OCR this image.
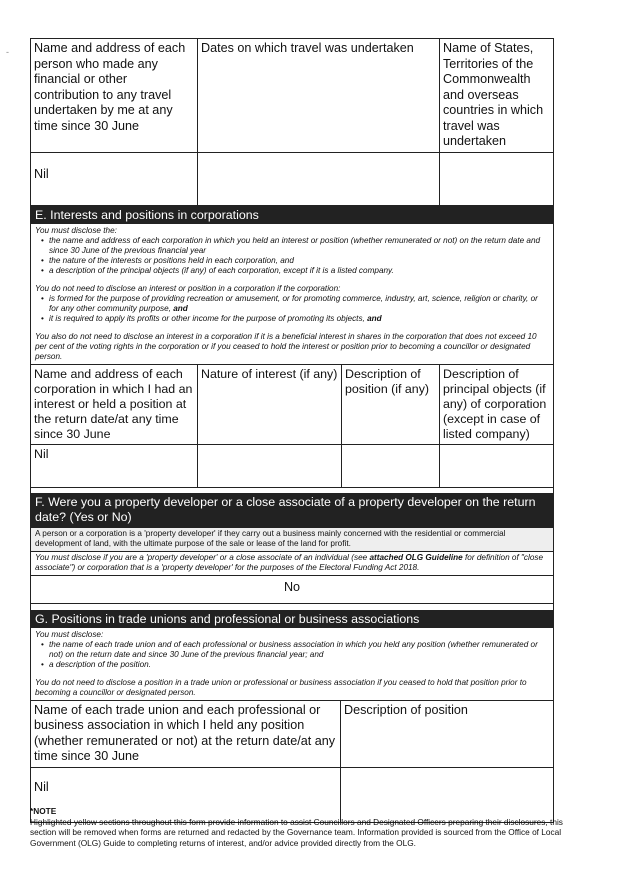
- Name and address of each person who made any financial or other contribution to any travel undertaken by me at any time since 30 June	Dates on which travel was undertaken	Name of States, Territories of the Commonwealth and overseas countries in which travel was undertaken
Nil		
E. Interests and positions in corporations

You must disclose the:

• the name and address of each corporation in which you held an interest or position (whether remunerated or not) on the return date and since 30 June of the previous financial year
• the nature of the interests or positions held in each corporation, and
• a description of the principal objects (if any) of each corporation, except if it is a listed company.

You do not need to disclose an interest or position in a corporation if the corporation:

• is formed for the purpose of providing recreation or amusement, or for promoting commerce, industry, art, science, religion or charity, or for any other community purpose, and
• it is required to apply its profits or other income for the purpose of promoting its objects, and

You also do not need to disclose an interest in a corporation if it is a beneficial interest in shares in the corporation that does not exceed 10 per cent of the voting rights in the corporation or if you ceased to hold the interest or position prior to becoming a councillor or designated person.

Name and address of each corporation in which I had an interest or held a position at the return date/at any time since 30 June	Nature of interest (if any)	Description of position (if any)	Description of principal objects (if any) of corporation (except in case of listed company)
Nil			
F. Were you a property developer or a close associate of a property developer on the return date? (Yes or No)
A person or a corporation is a 'property developer' if they carry out a business mainly concerned with the residential or commercial development of land, with the ultimate purpose of the sale or lease of the land for profit.
You must disclose if you are a 'property developer' or a close associate of an individual (see attached OLG Guideline for definition of "close associate") or corporation that is a 'property developer' for the purposes of the Electoral Funding Act 2018.
No
G. Positions in trade unions and professional or business associations

You must disclose:

• the name of each trade union and of each professional or business association in which you held any position (whether remunerated or not) on the return date and since 30 June of the previous financial year; and
• a description of the position.

You do not need to disclose a position in a trade union or professional or business association if you ceased to hold that position prior to becoming a councillor or designated person.

Name of each trade union and each professional or business association in which I held any position (whether remunerated or not) at the return date/at any time since 30 June	Description of position
Nil	

*NOTE

Highlighted yellow sections throughout this form provide information to assist Councillors and Designated Officers preparing their disclosures, this section will be removed when forms are returned and redacted by the Governance team. Information provided is sourced from the Office of Local Government (OLG) Guide to completing returns of interest, and/or advice provided directly from the OLG.
